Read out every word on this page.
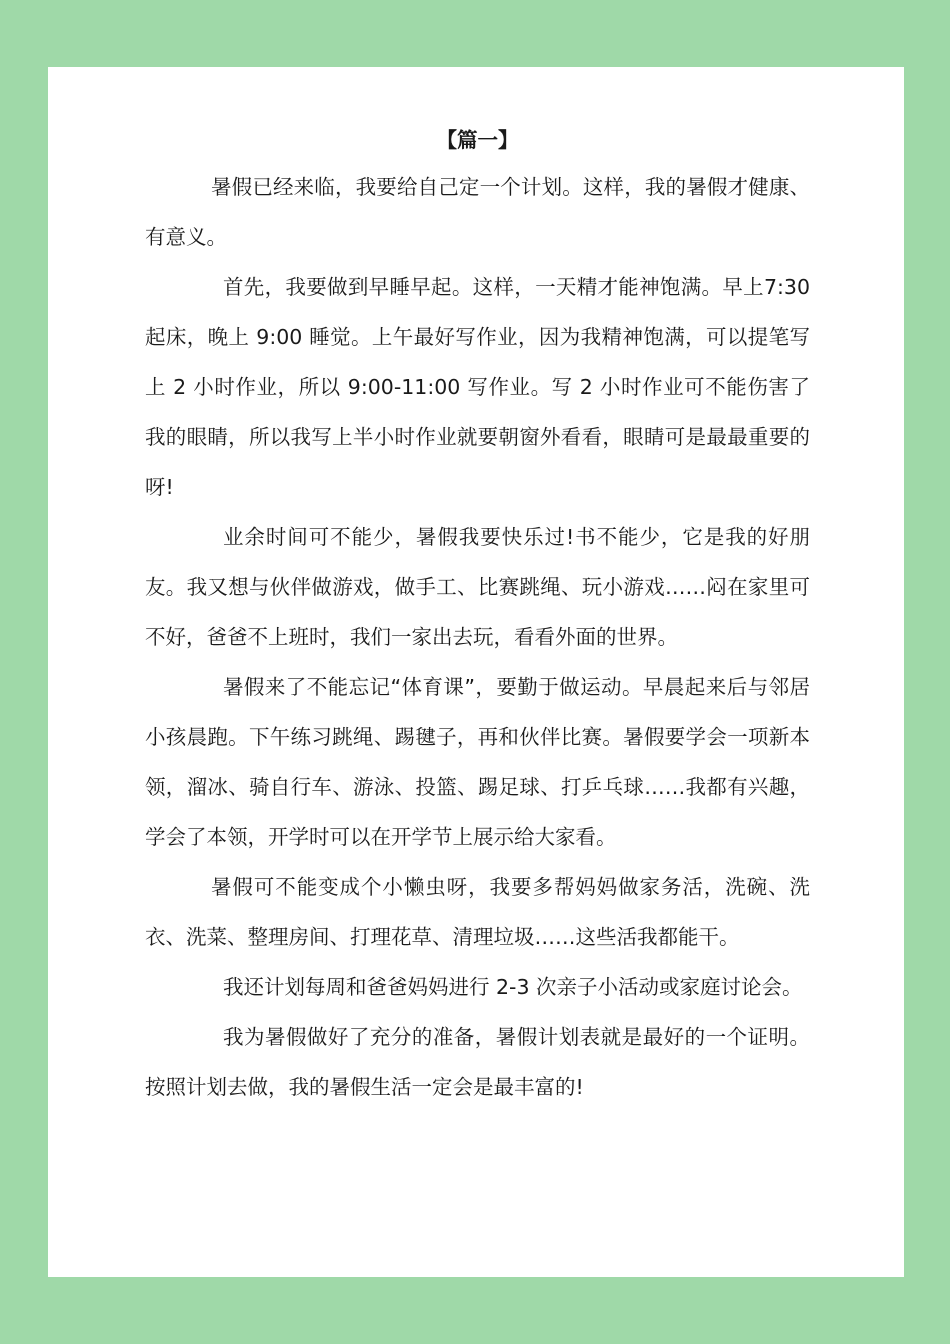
【篇一】

暑假已经来临，我要给自己定一个计划。这样，我的暑假才健康、有意义。

首先，我要做到早睡早起。这样，一天精才能神饱满。早上7:30 起床，晚上 9:00 睡觉。上午最好写作业，因为我精神饱满，可以提笔写上 2 小时作业，所以 9:00-11:00 写作业。写 2 小时作业可不能伤害了我的眼睛，所以我写上半小时作业就要朝窗外看看，眼睛可是最最重要的呀!

业余时间可不能少，暑假我要快乐过!书不能少，它是我的好朋友。我又想与伙伴做游戏，做手工、比赛跳绳、玩小游戏……闷在家里可不好，爸爸不上班时，我们一家出去玩，看看外面的世界。

暑假来了不能忘记“体育课”，要勤于做运动。早晨起来后与邻居小孩晨跑。下午练习跳绳、踢毽子，再和伙伴比赛。暑假要学会一项新本领，溜冰、骑自行车、游泳、投篮、踢足球、打乒乓球……我都有兴趣，学会了本领，开学时可以在开学节上展示给大家看。

暑假可不能变成个小懒虫呀，我要多帮妈妈做家务活，洗碗、洗衣、洗菜、整理房间、打理花草、清理垃圾……这些活我都能干。

我还计划每周和爸爸妈妈进行 2-3 次亲子小活动或家庭讨论会。

我为暑假做好了充分的准备，暑假计划表就是最好的一个证明。按照计划去做，我的暑假生活一定会是最丰富的!
